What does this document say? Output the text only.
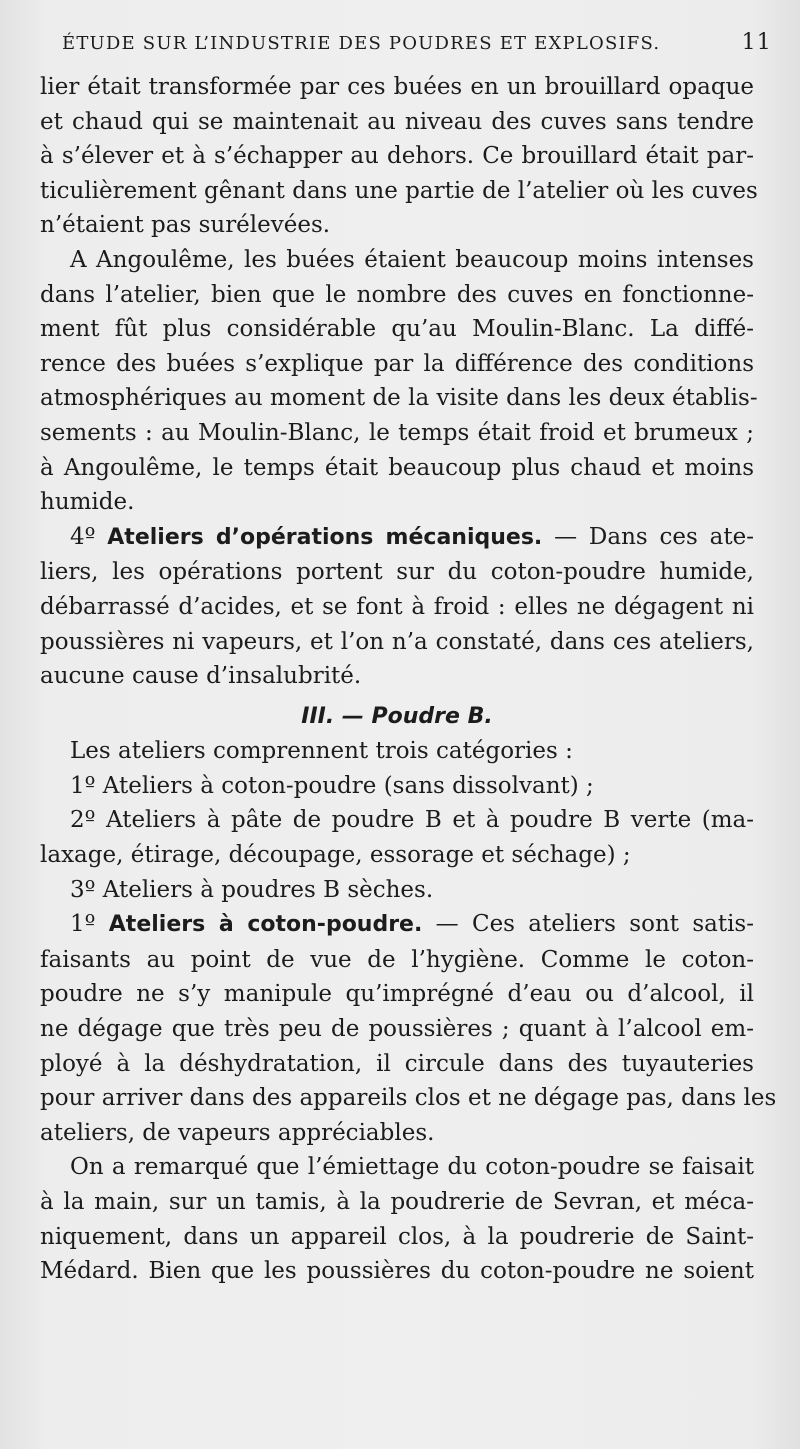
ÉTUDE SUR L’INDUSTRIE DES POUDRES ET EXPLOSIFS.	11
lier était transformée par ces buées en un brouillard opaque
et chaud qui se maintenait au niveau des cuves sans tendre
à s’élever et à s’échapper au dehors. Ce brouillard était par-
ticulièrement gênant dans une partie de l’atelier où les cuves
n’étaient pas surélevées.
A Angoulême, les buées étaient beaucoup moins intenses
dans l’atelier, bien que le nombre des cuves en fonctionne-
ment fût plus considérable qu’au Moulin-Blanc. La diffé-
rence des buées s’explique par la différence des conditions
atmosphériques au moment de la visite dans les deux établis-
sements : au Moulin-Blanc, le temps était froid et brumeux ;
à Angoulême, le temps était beaucoup plus chaud et moins
humide.
4º Ateliers d’opérations mécaniques. — Dans ces ate-
liers, les opérations portent sur du coton-poudre humide,
débarrassé d’acides, et se font à froid : elles ne dégagent ni
poussières ni vapeurs, et l’on n’a constaté, dans ces ateliers,
aucune cause d’insalubrité.
III. — Poudre B.
Les ateliers comprennent trois catégories :
1º Ateliers à coton-poudre (sans dissolvant) ;
2º Ateliers à pâte de poudre B et à poudre B verte (ma-
laxage, étirage, découpage, essorage et séchage) ;
3º Ateliers à poudres B sèches.
1º Ateliers à coton-poudre. — Ces ateliers sont satis-
faisants au point de vue de l’hygiène. Comme le coton-
poudre ne s’y manipule qu’imprégné d’eau ou d’alcool, il
ne dégage que très peu de poussières ; quant à l’alcool em-
ployé à la déshydratation, il circule dans des tuyauteries
pour arriver dans des appareils clos et ne dégage pas, dans les
ateliers, de vapeurs appréciables.
On a remarqué que l’émiettage du coton-poudre se faisait
à la main, sur un tamis, à la poudrerie de Sevran, et méca-
niquement, dans un appareil clos, à la poudrerie de Saint-
Médard. Bien que les poussières du coton-poudre ne soient
